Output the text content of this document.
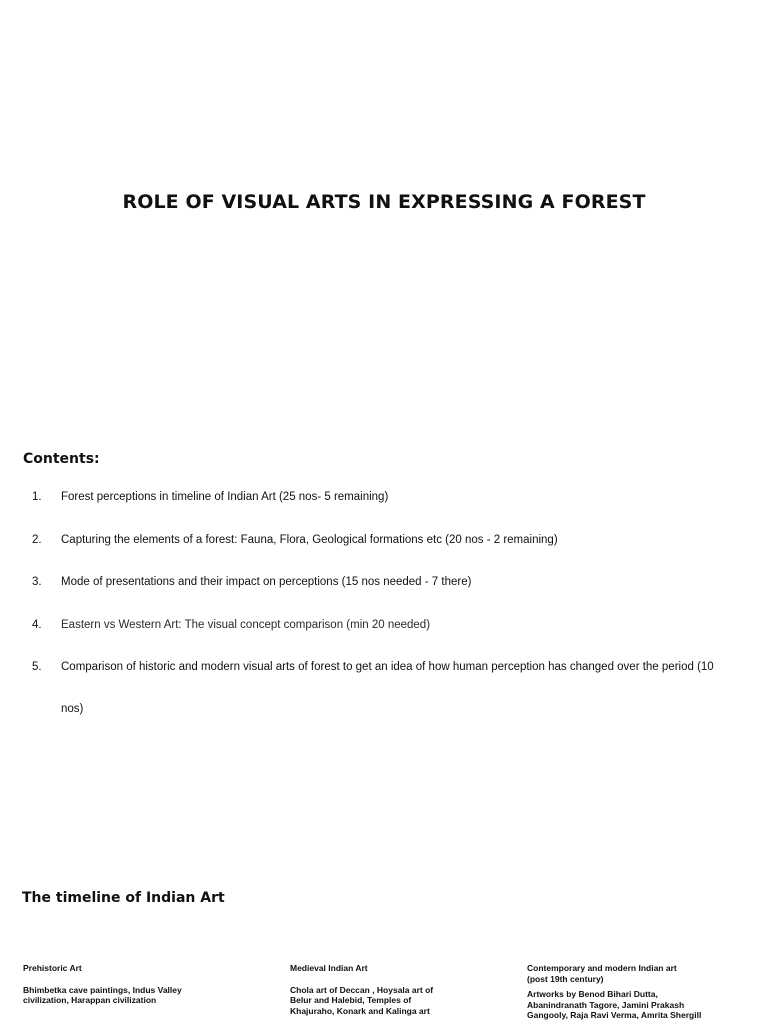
ROLE OF VISUAL ARTS IN EXPRESSING A FOREST
Contents:
1. Forest perceptions in timeline of Indian Art (25 nos- 5 remaining)
2. Capturing the elements of a forest: Fauna, Flora, Geological formations etc (20 nos - 2 remaining)
3. Mode of presentations and their impact on perceptions (15 nos needed - 7 there)
4. Eastern vs Western Art: The visual concept comparison (min 20 needed)
5. Comparison of historic and modern visual arts of forest to get an idea of how human perception has changed over the period (10 nos)
The timeline of Indian Art
Prehistoric Art
Bhimbetka cave paintings, Indus Valley civilization, Harappan civilization
Medieval Indian Art
Chola art of Deccan , Hoysala art of Belur and Halebid, Temples of Khajuraho, Konark and Kalinga art
Contemporary and modern Indian art
(post 19th century)
Artworks by Benod Bihari Dutta, Abanindranath Tagore, Jamini Prakash Gangooly, Raja Ravi Verma, Amrita Shergill
